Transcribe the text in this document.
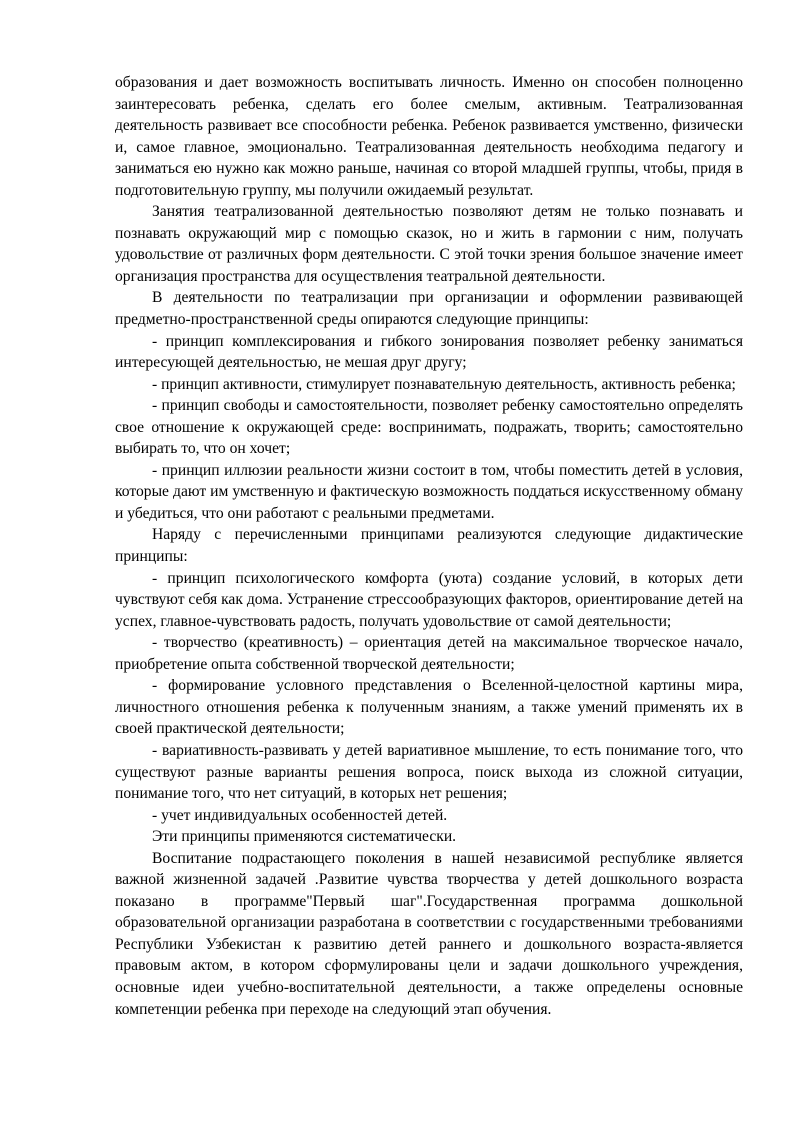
образования и дает возможность воспитывать личность. Именно он способен полноценно заинтересовать ребенка, сделать его более смелым, активным. Театрализованная деятельность развивает все способности ребенка. Ребенок развивается умственно, физически и, самое главное, эмоционально. Театрализованная деятельность необходима педагогу и заниматься ею нужно как можно раньше, начиная со второй младшей группы, чтобы, придя в подготовительную группу, мы получили ожидаемый результат.

Занятия театрализованной деятельностью позволяют детям не только познавать и познавать окружающий мир с помощью сказок, но и жить в гармонии с ним, получать удовольствие от различных форм деятельности. С этой точки зрения большое значение имеет организация пространства для осуществления театральной деятельности.

В деятельности по театрализации при организации и оформлении развивающей предметно-пространственной среды опираются следующие принципы:

- принцип комплексирования и гибкого зонирования позволяет ребенку заниматься интересующей деятельностью, не мешая друг другу;

- принцип активности, стимулирует познавательную деятельность, активность ребенка;

- принцип свободы и самостоятельности, позволяет ребенку самостоятельно определять свое отношение к окружающей среде: воспринимать, подражать, творить; самостоятельно выбирать то, что он хочет;

- принцип иллюзии реальности жизни состоит в том, чтобы поместить детей в условия, которые дают им умственную и фактическую возможность поддаться искусственному обману и убедиться, что они работают с реальными предметами.

Наряду с перечисленными принципами реализуются следующие дидактические принципы:

- принцип психологического комфорта (уюта) создание условий, в которых дети чувствуют себя как дома. Устранение стрессообразующих факторов, ориентирование детей на успех, главное-чувствовать радость, получать удовольствие от самой деятельности;

- творчество (креативность) – ориентация детей на максимальное творческое начало, приобретение опыта собственной творческой деятельности;

- формирование условного представления о Вселенной-целостной картины мира, личностного отношения ребенка к полученным знаниям, а также умений применять их в своей практической деятельности;

- вариативность-развивать у детей вариативное мышление, то есть понимание того, что существуют разные варианты решения вопроса, поиск выхода из сложной ситуации, понимание того, что нет ситуаций, в которых нет решения;

- учет индивидуальных особенностей детей.

Эти принципы применяются систематически.

Воспитание подрастающего поколения в нашей независимой республике является важной жизненной задачей .Развитие чувства творчества у детей дошкольного возраста показано в программе"Первый шаг".Государственная программа дошкольной образовательной организации разработана в соответствии с государственными требованиями Республики Узбекистан к развитию детей раннего и дошкольного возраста-является правовым актом, в котором сформулированы цели и задачи дошкольного учреждения, основные идеи учебно-воспитательной деятельности, а также определены основные компетенции ребенка при переходе на следующий этап обучения.
